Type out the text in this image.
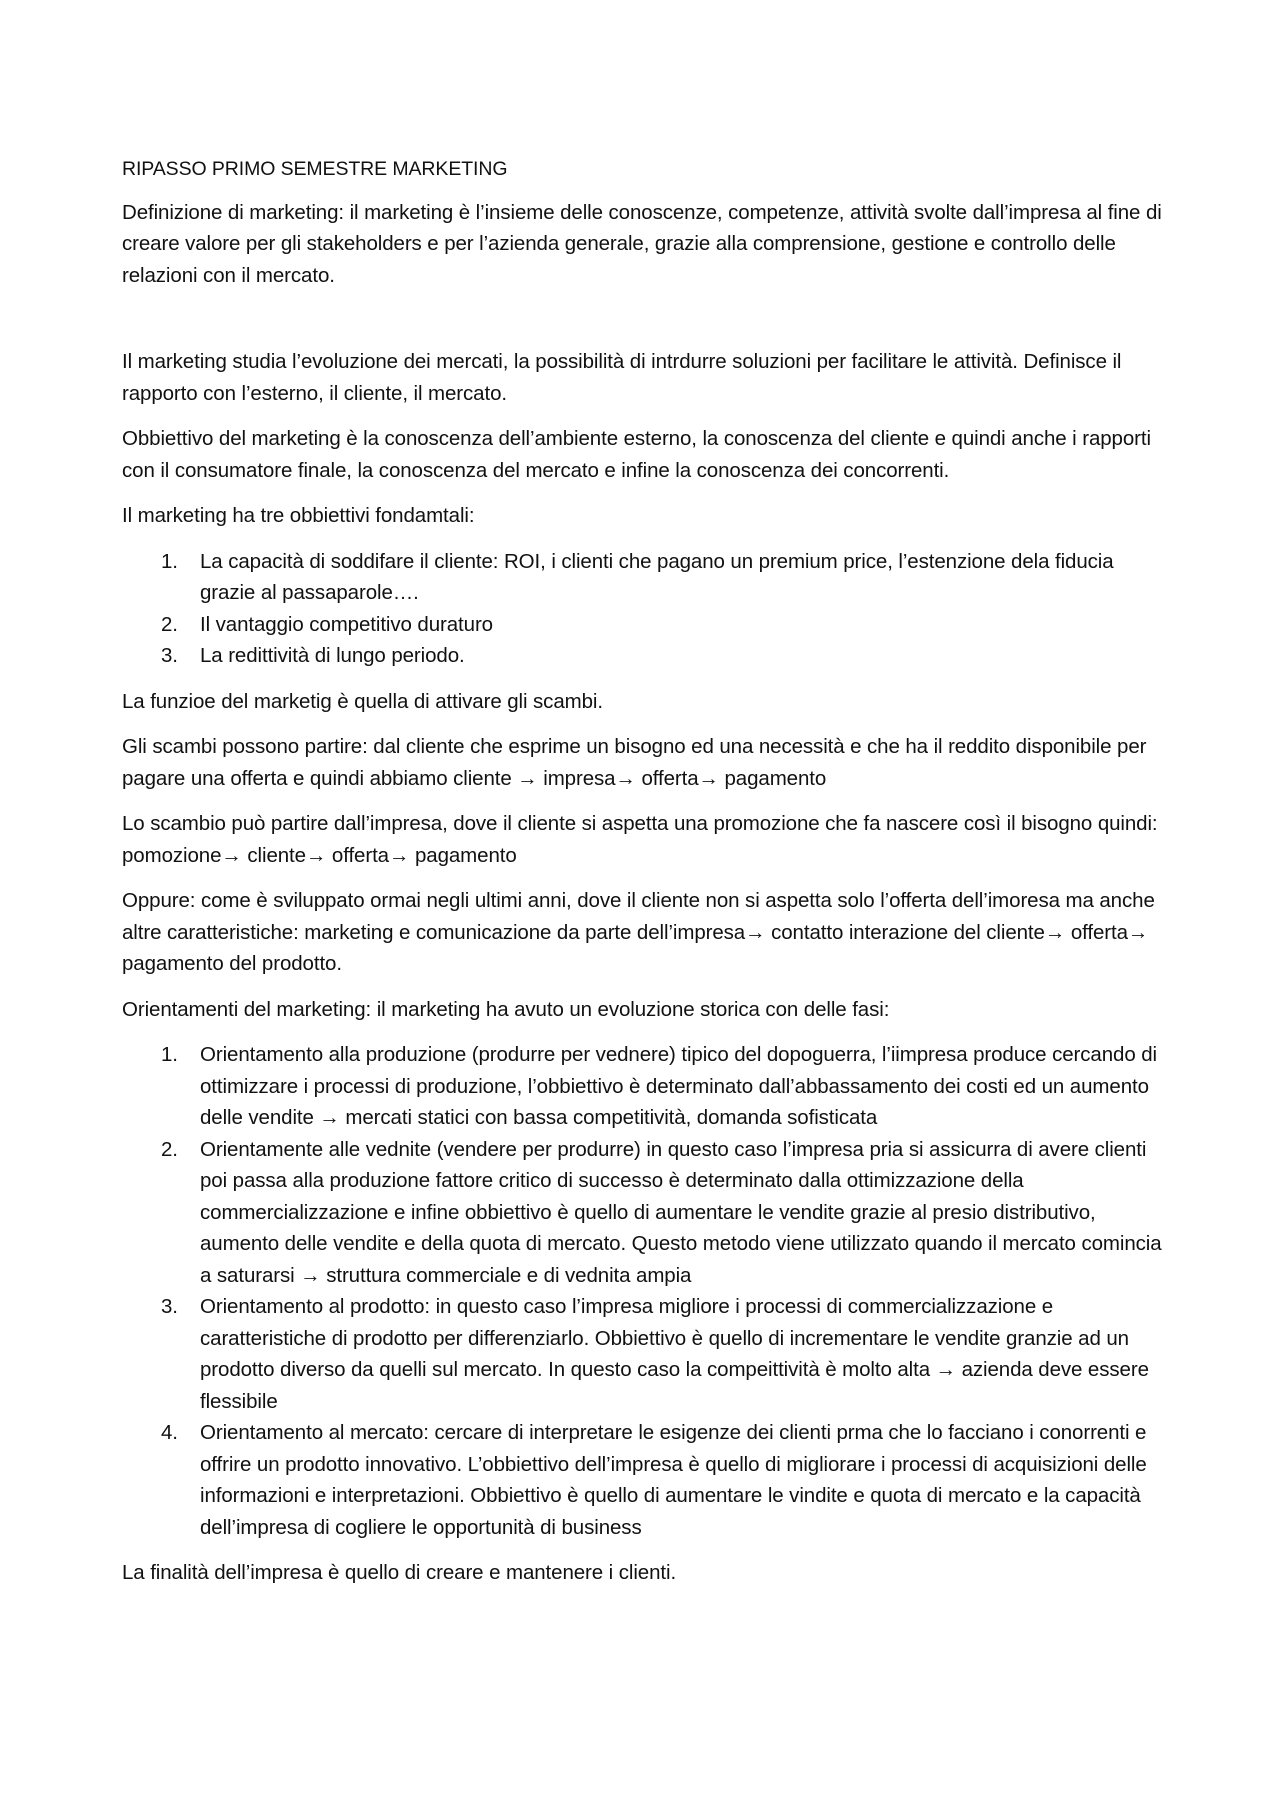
RIPASSO PRIMO SEMESTRE MARKETING

Definizione di marketing: il marketing è l’insieme delle conoscenze, competenze, attività svolte dall’impresa al fine di creare valore per gli stakeholders e per l’azienda generale, grazie alla comprensione, gestione e controllo delle relazioni con il mercato.

Il marketing studia l’evoluzione dei mercati, la possibilità di intrdurre soluzioni per facilitare le attività. Definisce il rapporto con l’esterno, il cliente, il mercato.

Obbiettivo del marketing è la conoscenza dell’ambiente esterno, la conoscenza del cliente e quindi anche i rapporti con il consumatore finale, la conoscenza del mercato e infine la conoscenza dei concorrenti.

Il marketing ha tre obbiettivi fondamtali:

1. La capacità di soddifare il cliente: ROI, i clienti che pagano un premium price, l’estenzione dela fiducia grazie al passaparole….
2. Il vantaggio competitivo duraturo
3. La redittività di lungo periodo.

La funzioe del marketig è quella di attivare gli scambi.

Gli scambi possono partire: dal cliente che esprime un bisogno ed una necessità e che ha il reddito disponibile per pagare una offerta e quindi abbiamo cliente → impresa→ offerta→ pagamento

Lo scambio può partire dall’impresa, dove il cliente si aspetta una promozione che fa nascere così il bisogno quindi: pomozione→ cliente→ offerta→ pagamento

Oppure: come è sviluppato ormai negli ultimi anni, dove il cliente non si aspetta solo l’offerta dell’imoresa ma anche altre caratteristiche: marketing e comunicazione da parte dell’impresa→ contatto interazione del cliente→ offerta→ pagamento del prodotto.

Orientamenti del marketing: il marketing ha avuto un evoluzione storica con delle fasi:

1. Orientamento alla produzione (produrre per vednere) tipico del dopoguerra, l’iimpresa produce cercando di ottimizzare i processi di produzione, l’obbiettivo è determinato dall’abbassamento dei costi ed un aumento delle vendite → mercati statici con bassa competitività, domanda sofisticata
2. Orientamente alle vednite (vendere per produrre) in questo caso l’impresa pria si assicurra di avere clienti poi passa alla produzione fattore critico di successo è determinato dalla ottimizzazione della commercializzazione e infine obbiettivo è quello di aumentare le vendite grazie al presio distributivo, aumento delle vendite e della quota di mercato. Questo metodo viene utilizzato quando il mercato comincia a saturarsi → struttura commerciale e di vednita ampia
3. Orientamento al prodotto: in questo caso l’impresa migliore i processi di commercializzazione e caratteristiche di prodotto per differenziarlo. Obbiettivo è quello di incrementare le vendite granzie ad un prodotto diverso da quelli sul mercato. In questo caso la compeittività è molto alta → azienda deve essere flessibile
4. Orientamento al mercato: cercare di interpretare le esigenze dei clienti prma che lo facciano i conorrenti e offrire un prodotto innovativo. L’obbiettivo dell’impresa è quello di migliorare i processi di acquisizioni delle informazioni e interpretazioni. Obbiettivo è quello di aumentare le vindite e quota di mercato e la capacità dell’impresa di cogliere le opportunità di business

La finalità dell’impresa è quello di creare e mantenere i clienti.
